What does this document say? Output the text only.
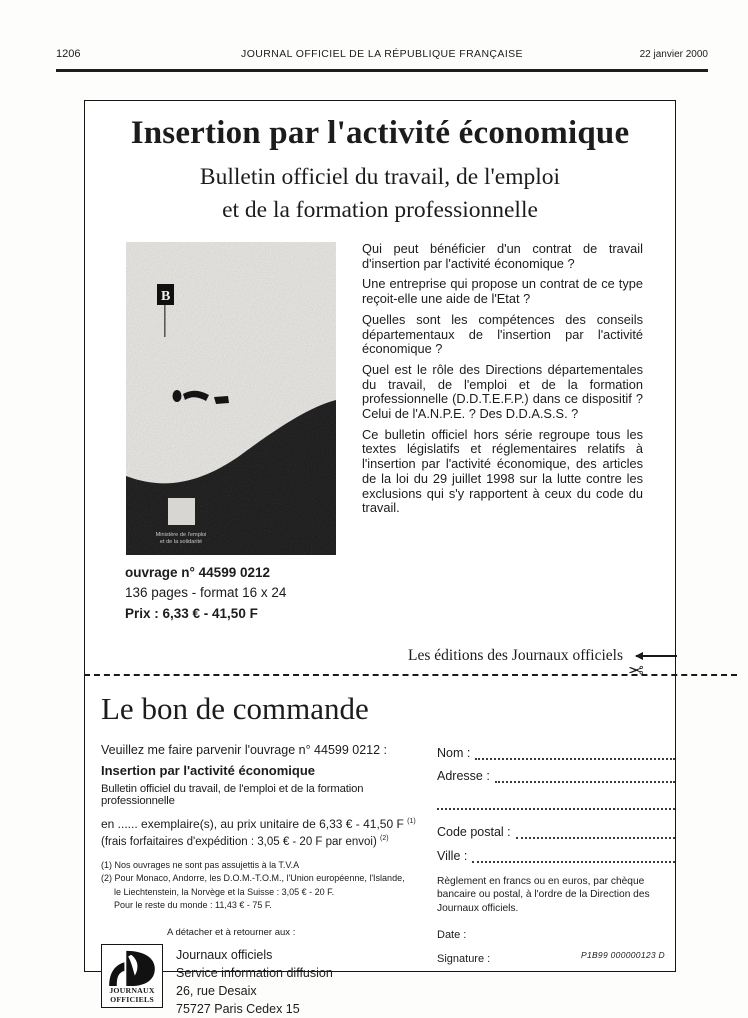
1206	JOURNAL OFFICIEL DE LA RÉPUBLIQUE FRANÇAISE	22 janvier 2000
Insertion par l'activité économique
Bulletin officiel du travail, de l'emploi
et de la formation professionnelle
B
Ministère de l'emploi
et de la solidarité

Qui peut bénéficier d'un contrat de travail d'insertion par l'activité économique ?

Une entreprise qui propose un contrat de ce type reçoit-elle une aide de l'Etat ?

Quelles sont les compétences des conseils départementaux de l'insertion par l'activité économique ?

Quel est le rôle des Directions départementales du travail, de l'emploi et de la formation professionnelle (D.D.T.E.F.P.) dans ce dispositif ? Celui de l'A.N.P.E. ? Des D.D.A.S.S. ?

Ce bulletin officiel hors série regroupe tous les textes législatifs et réglementaires relatifs à l'insertion par l'activité économique, des articles de la loi du 29 juillet 1998 sur la lutte contre les exclusions qui s'y rapportent à ceux du code du travail.

ouvrage n° 44599 0212
136 pages - format 16 x 24
Prix : 6,33 € - 41,50 F
Les éditions des Journaux officiels
Le bon de commande
Veuillez me faire parvenir l'ouvrage n° 44599 0212 :
Insertion par l'activité économique
Bulletin officiel du travail, de l'emploi et de la formation professionnelle
en ...... exemplaire(s), au prix unitaire de 6,33 € - 41,50 F $^{(1)}$
(frais forfaitaires d'expédition : 3,05 € - 20 F par envoi) $^{(2)}$
(1) Nos ouvrages ne sont pas assujettis à la T.V.A
(2) Pour Monaco, Andorre, les D.O.M.-T.O.M., l'Union européenne, l'Islande,
le Liechtenstein, la Norvège et la Suisse : 3,05 € - 20 F.
Pour le reste du monde : 11,43 € - 75 F.
A détacher et à retourner aux :
JOURNAUX
OFFICIELS
Journaux officiels
Service information diffusion
26, rue Desaix
75727 Paris Cedex 15
Nom :
Adresse :
Code postal :
Ville :
Règlement en francs ou en euros, par chèque bancaire ou postal, à l'ordre de la Direction des Journaux officiels.
Date :
Signature :	P1B99 000000123 D
✂
